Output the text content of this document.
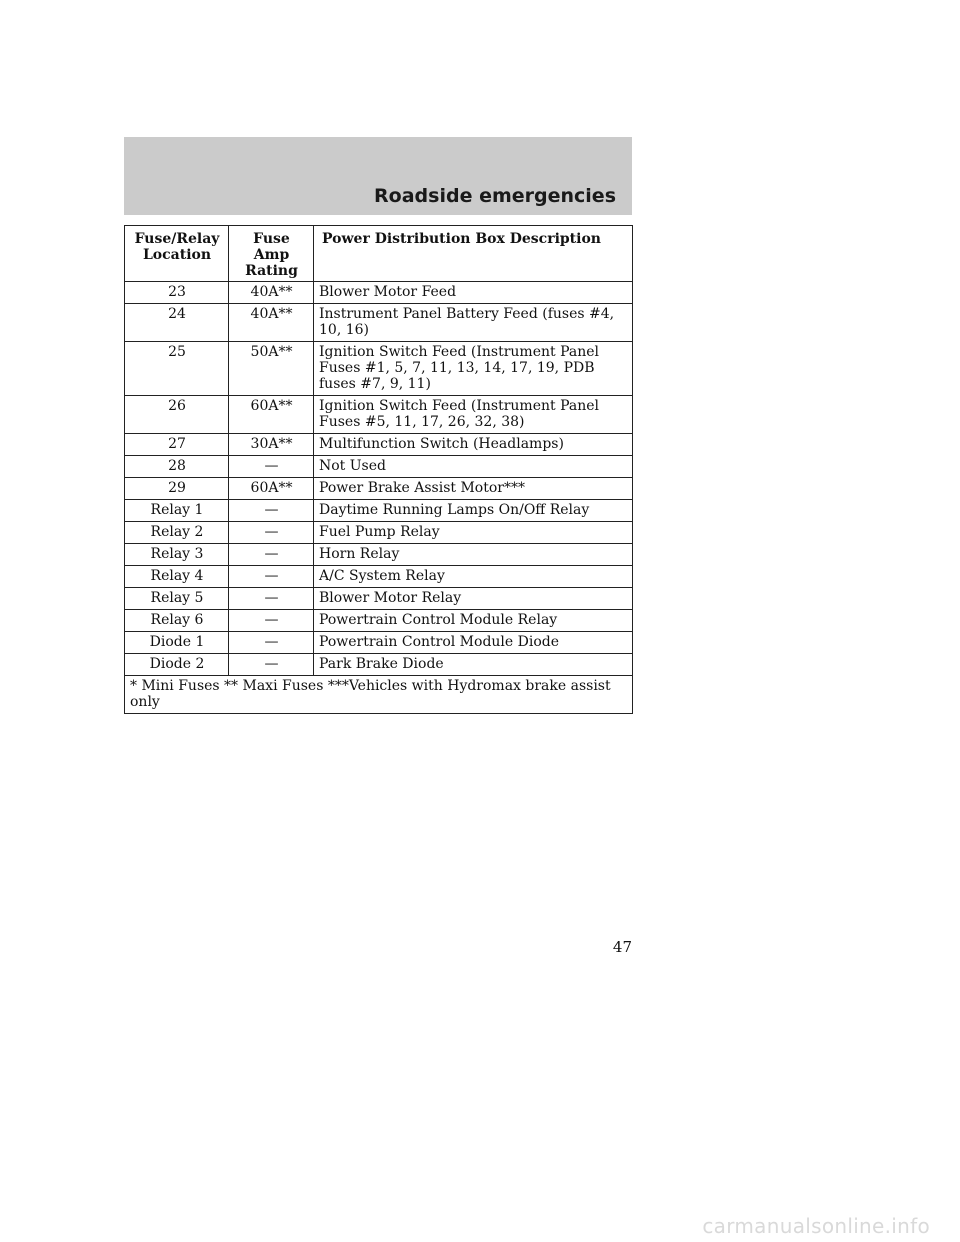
Roadside emergencies
Fuse/Relay Location	Fuse Amp Rating	Power Distribution Box Description
23	40A**	Blower Motor Feed
24	40A**	Instrument Panel Battery Feed (fuses #4, 10, 16)
25	50A**	Ignition Switch Feed (Instrument Panel Fuses #1, 5, 7, 11, 13, 14, 17, 19, PDB fuses #7, 9, 11)
26	60A**	Ignition Switch Feed (Instrument Panel Fuses #5, 11, 17, 26, 32, 38)
27	30A**	Multifunction Switch (Headlamps)
28	—	Not Used
29	60A**	Power Brake Assist Motor***
Relay 1	—	Daytime Running Lamps On/Off Relay
Relay 2	—	Fuel Pump Relay
Relay 3	—	Horn Relay
Relay 4	—	A/C System Relay
Relay 5	—	Blower Motor Relay
Relay 6	—	Powertrain Control Module Relay
Diode 1	—	Powertrain Control Module Diode
Diode 2	—	Park Brake Diode
* Mini Fuses ** Maxi Fuses ***Vehicles with Hydromax brake assist only		
47
carmanualsonline.info
